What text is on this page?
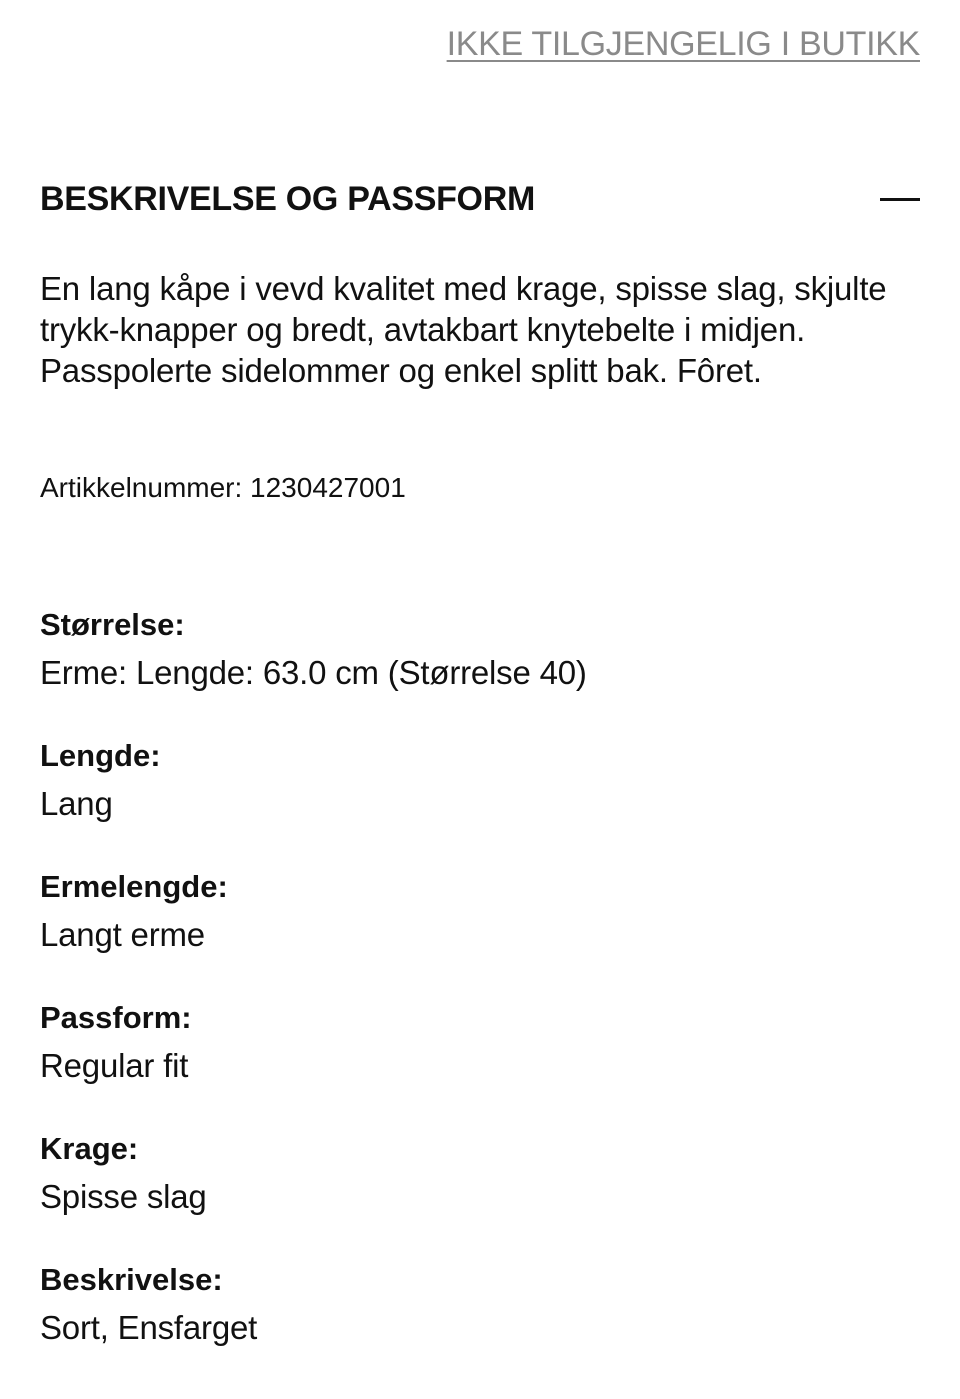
IKKE TILGJENGELIG I BUTIKK
BESKRIVELSE OG PASSFORM

En lang kåpe i vevd kvalitet med krage, spisse slag, skjulte trykk-knapper og bredt, avtakbart knytebelte i midjen. Passpolerte sidelommer og enkel splitt bak. Fôret.

Artikkelnummer: 1230427001
Størrelse:
Erme: Lengde: 63.0 cm (Størrelse 40)
Lengde:
Lang
Ermelengde:
Langt erme
Passform:
Regular fit
Krage:
Spisse slag
Beskrivelse:
Sort, Ensfarget
